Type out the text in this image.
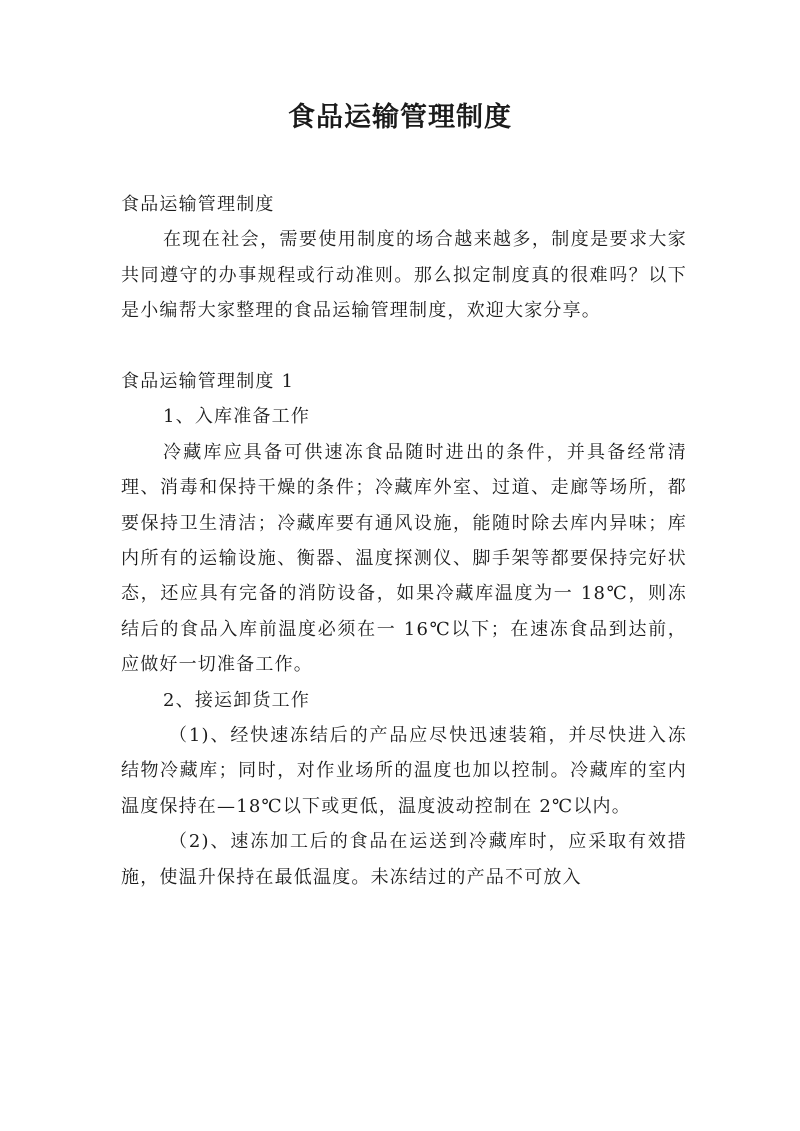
食品运输管理制度

食品运输管理制度

在现在社会，需要使用制度的场合越来越多，制度是要求大家共同遵守的办事规程或行动准则。那么拟定制度真的很难吗？以下是小编帮大家整理的食品运输管理制度，欢迎大家分享。

食品运输管理制度 1

1、入库准备工作

冷藏库应具备可供速冻食品随时进出的条件，并具备经常清理、消毒和保持干燥的条件；冷藏库外室、过道、走廊等场所，都要保持卫生清洁；冷藏库要有通风设施，能随时除去库内异味；库内所有的运输设施、衡器、温度探测仪、脚手架等都要保持完好状态，还应具有完备的消防设备，如果冷藏库温度为一 18℃，则冻结后的食品入库前温度必须在一 16℃以下；在速冻食品到达前，应做好一切准备工作。

2、接运卸货工作

（1)、经快速冻结后的产品应尽快迅速装箱，并尽快进入冻结物冷藏库；同时，对作业场所的温度也加以控制。冷藏库的室内温度保持在—18℃以下或更低，温度波动控制在 2℃以内。

（2)、速冻加工后的食品在运送到冷藏库时，应采取有效措施，使温升保持在最低温度。未冻结过的产品不可放入
